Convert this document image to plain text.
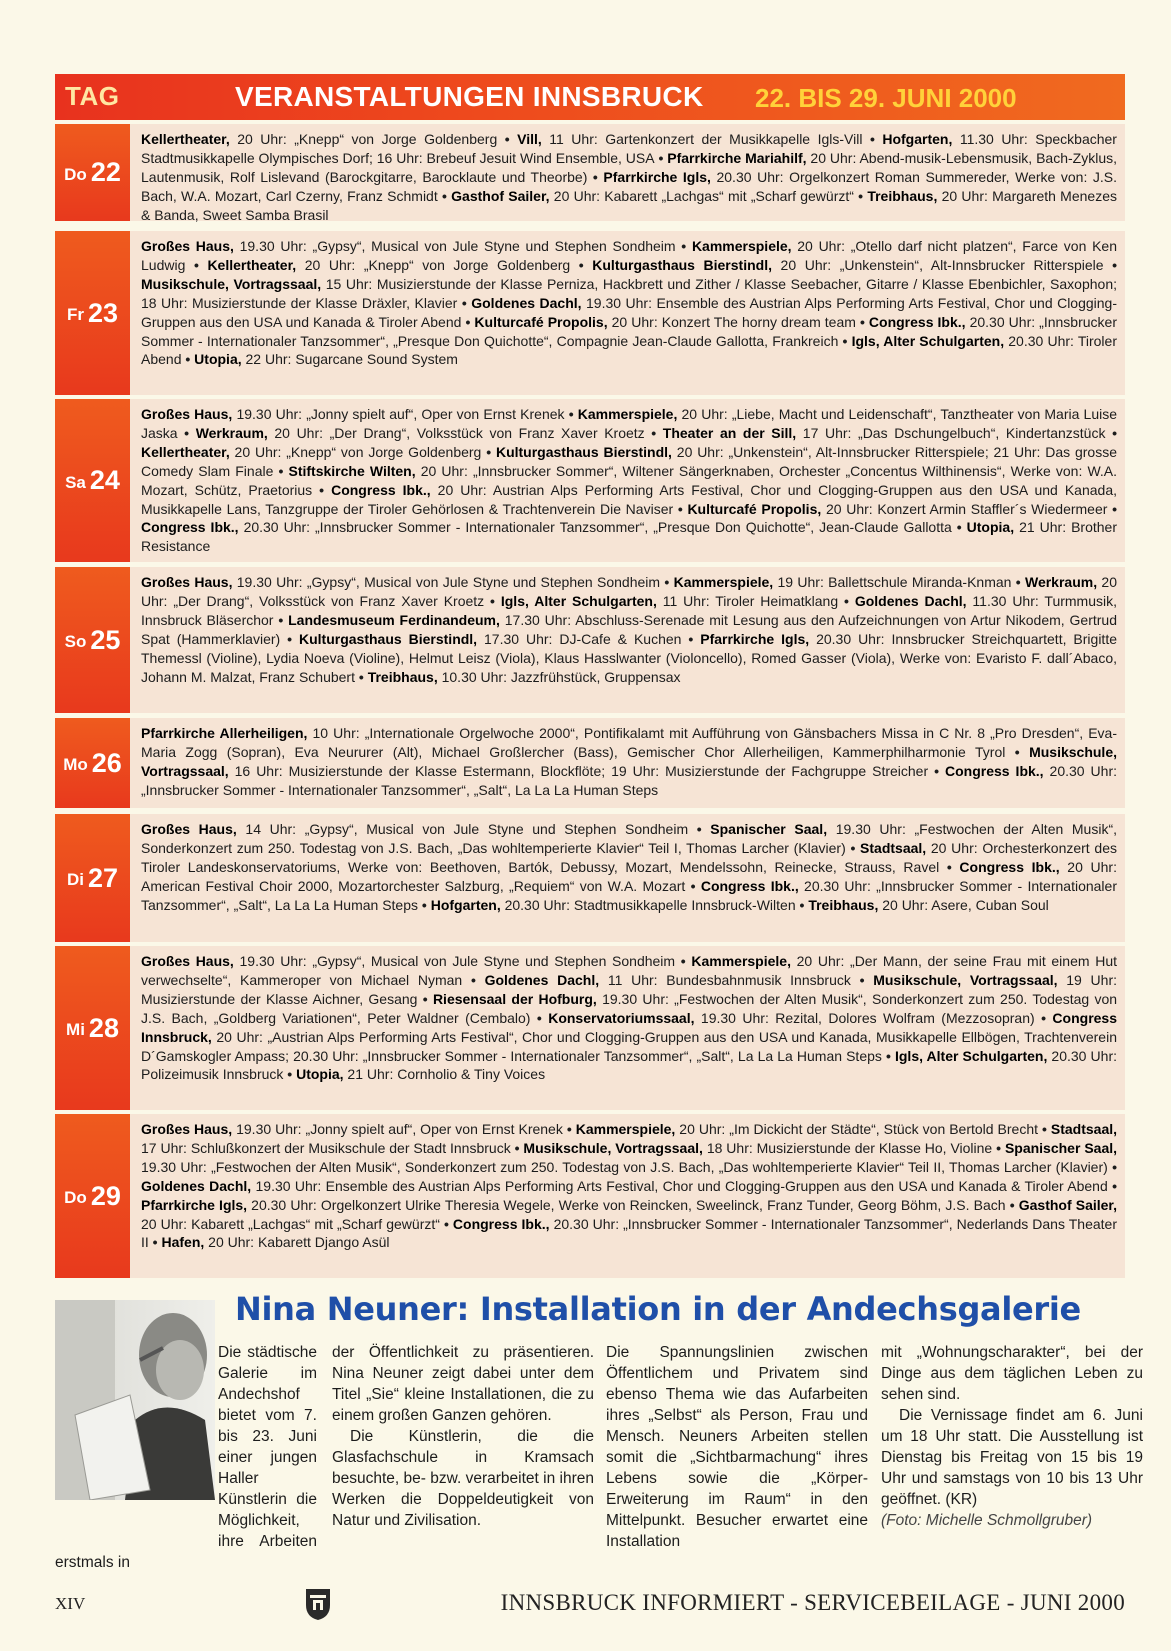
TAG	VERANSTALTUNGEN INNSBRUCK 22. BIS 29. JUNI 2000
Do 22
Kellertheater, 20 Uhr: „Knepp“ von Jorge Goldenberg • Vill, 11 Uhr: Gartenkonzert der Musikkapelle Igls-Vill • Hofgarten, 11.30 Uhr: Speckbacher Stadtmusikkapelle Olympisches Dorf; 16 Uhr: Brebeuf Jesuit Wind Ensemble, USA • Pfarrkirche Mariahilf, 20 Uhr: Abend-musik-Lebensmusik, Bach-Zyklus, Lautenmusik, Rolf Lislevand (Barockgitarre, Barocklaute und Theorbe) • Pfarrkirche Igls, 20.30 Uhr: Orgelkonzert Roman Summereder, Werke von: J.S. Bach, W.A. Mozart, Carl Czerny, Franz Schmidt • Gasthof Sailer, 20 Uhr: Kabarett „Lachgas“ mit „Scharf gewürzt“ • Treibhaus, 20 Uhr: Margareth Menezes & Banda, Sweet Samba Brasil
Fr 23
Großes Haus, 19.30 Uhr: „Gypsy“, Musical von Jule Styne und Stephen Sondheim • Kammerspiele, 20 Uhr: „Otello darf nicht platzen“, Farce von Ken Ludwig • Kellertheater, 20 Uhr: „Knepp“ von Jorge Goldenberg • Kulturgasthaus Bierstindl, 20 Uhr: „Unkenstein“, Alt-Innsbrucker Ritterspiele • Musikschule, Vortragssaal, 15 Uhr: Musizierstunde der Klasse Perniza, Hackbrett und Zither / Klasse Seebacher, Gitarre / Klasse Ebenbichler, Saxophon; 18 Uhr: Musizierstunde der Klasse Dräxler, Klavier • Goldenes Dachl, 19.30 Uhr: Ensemble des Austrian Alps Performing Arts Festival, Chor und Clogging-Gruppen aus den USA und Kanada & Tiroler Abend • Kulturcafé Propolis, 20 Uhr: Konzert The horny dream team • Congress Ibk., 20.30 Uhr: „Innsbrucker Sommer - Internationaler Tanzsommer“, „Presque Don Quichotte“, Compagnie Jean-Claude Gallotta, Frankreich • Igls, Alter Schulgarten, 20.30 Uhr: Tiroler Abend • Utopia, 22 Uhr: Sugarcane Sound System
Sa 24
Großes Haus, 19.30 Uhr: „Jonny spielt auf“, Oper von Ernst Krenek • Kammerspiele, 20 Uhr: „Liebe, Macht und Leidenschaft“, Tanztheater von Maria Luise Jaska • Werkraum, 20 Uhr: „Der Drang“, Volksstück von Franz Xaver Kroetz • Theater an der Sill, 17 Uhr: „Das Dschungelbuch“, Kindertanzstück • Kellertheater, 20 Uhr: „Knepp“ von Jorge Goldenberg • Kulturgasthaus Bierstindl, 20 Uhr: „Unkenstein“, Alt-Innsbrucker Ritterspiele; 21 Uhr: Das grosse Comedy Slam Finale • Stiftskirche Wilten, 20 Uhr: „Innsbrucker Sommer“, Wiltener Sängerknaben, Orchester „Concentus Wilthinensis“, Werke von: W.A. Mozart, Schütz, Praetorius • Congress Ibk., 20 Uhr: Austrian Alps Performing Arts Festival, Chor und Clogging-Gruppen aus den USA und Kanada, Musikkapelle Lans, Tanzgruppe der Tiroler Gehörlosen & Trachtenverein Die Naviser • Kulturcafé Propolis, 20 Uhr: Konzert Armin Staffler´s Wiedermeer • Congress Ibk., 20.30 Uhr: „Innsbrucker Sommer - Internationaler Tanzsommer“, „Presque Don Quichotte“, Jean-Claude Gallotta • Utopia, 21 Uhr: Brother Resistance
So 25
Großes Haus, 19.30 Uhr: „Gypsy“, Musical von Jule Styne und Stephen Sondheim • Kammerspiele, 19 Uhr: Ballettschule Miranda-Knman • Werkraum, 20 Uhr: „Der Drang“, Volksstück von Franz Xaver Kroetz • Igls, Alter Schulgarten, 11 Uhr: Tiroler Heimatklang • Goldenes Dachl, 11.30 Uhr: Turmmusik, Innsbruck Bläserchor • Landesmuseum Ferdinandeum, 17.30 Uhr: Abschluss-Serenade mit Lesung aus den Aufzeichnungen von Artur Nikodem, Gertrud Spat (Hammerklavier) • Kulturgasthaus Bierstindl, 17.30 Uhr: DJ-Cafe & Kuchen • Pfarrkirche Igls, 20.30 Uhr: Innsbrucker Streichquartett, Brigitte Themessl (Violine), Lydia Noeva (Violine), Helmut Leisz (Viola), Klaus Hasslwanter (Violoncello), Romed Gasser (Viola), Werke von: Evaristo F. dall´Abaco, Johann M. Malzat, Franz Schubert • Treibhaus, 10.30 Uhr: Jazzfrühstück, Gruppensax
Mo 26
Pfarrkirche Allerheiligen, 10 Uhr: „Internationale Orgelwoche 2000“, Pontifikalamt mit Aufführung von Gänsbachers Missa in C Nr. 8 „Pro Dresden“, Eva-Maria Zogg (Sopran), Eva Neururer (Alt), Michael Großlercher (Bass), Gemischer Chor Allerheiligen, Kammerphilharmonie Tyrol • Musikschule, Vortragssaal, 16 Uhr: Musizierstunde der Klasse Estermann, Blockflöte; 19 Uhr: Musizierstunde der Fachgruppe Streicher • Congress Ibk., 20.30 Uhr: „Innsbrucker Sommer - Internationaler Tanzsommer“, „Salt“, La La La Human Steps
Di 27
Großes Haus, 14 Uhr: „Gypsy“, Musical von Jule Styne und Stephen Sondheim • Spanischer Saal, 19.30 Uhr: „Festwochen der Alten Musik“, Sonderkonzert zum 250. Todestag von J.S. Bach, „Das wohltemperierte Klavier“ Teil I, Thomas Larcher (Klavier) • Stadtsaal, 20 Uhr: Orchesterkonzert des Tiroler Landeskonservatoriums, Werke von: Beethoven, Bartók, Debussy, Mozart, Mendelssohn, Reinecke, Strauss, Ravel • Congress Ibk., 20 Uhr: American Festival Choir 2000, Mozartorchester Salzburg, „Requiem“ von W.A. Mozart • Congress Ibk., 20.30 Uhr: „Innsbrucker Sommer - Internationaler Tanzsommer“, „Salt“, La La La Human Steps • Hofgarten, 20.30 Uhr: Stadtmusikkapelle Innsbruck-Wilten • Treibhaus, 20 Uhr: Asere, Cuban Soul
Mi 28
Großes Haus, 19.30 Uhr: „Gypsy“, Musical von Jule Styne und Stephen Sondheim • Kammerspiele, 20 Uhr: „Der Mann, der seine Frau mit einem Hut verwechselte“, Kammeroper von Michael Nyman • Goldenes Dachl, 11 Uhr: Bundesbahnmusik Innsbruck • Musikschule, Vortragssaal, 19 Uhr: Musizierstunde der Klasse Aichner, Gesang • Riesensaal der Hofburg, 19.30 Uhr: „Festwochen der Alten Musik“, Sonderkonzert zum 250. Todestag von J.S. Bach, „Goldberg Variationen“, Peter Waldner (Cembalo) • Konservatoriumssaal, 19.30 Uhr: Rezital, Dolores Wolfram (Mezzosopran) • Congress Innsbruck, 20 Uhr: „Austrian Alps Performing Arts Festival“, Chor und Clogging-Gruppen aus den USA und Kanada, Musikkapelle Ellbögen, Trachtenverein D´Gamskogler Ampass; 20.30 Uhr: „Innsbrucker Sommer - Internationaler Tanzsommer“, „Salt“, La La La Human Steps • Igls, Alter Schulgarten, 20.30 Uhr: Polizeimusik Innsbruck • Utopia, 21 Uhr: Cornholio & Tiny Voices
Do 29
Großes Haus, 19.30 Uhr: „Jonny spielt auf“, Oper von Ernst Krenek • Kammerspiele, 20 Uhr: „Im Dickicht der Städte“, Stück von Bertold Brecht • Stadtsaal, 17 Uhr: Schlußkonzert der Musikschule der Stadt Innsbruck • Musikschule, Vortragssaal, 18 Uhr: Musizierstunde der Klasse Ho, Violine • Spanischer Saal, 19.30 Uhr: „Festwochen der Alten Musik“, Sonderkonzert zum 250. Todestag von J.S. Bach, „Das wohltemperierte Klavier“ Teil II, Thomas Larcher (Klavier) • Goldenes Dachl, 19.30 Uhr: Ensemble des Austrian Alps Performing Arts Festival, Chor und Clogging-Gruppen aus den USA und Kanada & Tiroler Abend • Pfarrkirche Igls, 20.30 Uhr: Orgelkonzert Ulrike Theresia Wegele, Werke von Reincken, Sweelinck, Franz Tunder, Georg Böhm, J.S. Bach • Gasthof Sailer, 20 Uhr: Kabarett „Lachgas“ mit „Scharf gewürzt“ • Congress Ibk., 20.30 Uhr: „Innsbrucker Sommer - Internationaler Tanzsommer“, Nederlands Dans Theater II • Hafen, 20 Uhr: Kabarett Django Asül
Nina Neuner: Installation in der Andechsgalerie

Die städtische Galerie im Andechshof bietet vom 7. bis 23. Juni einer jungen Haller Künstlerin die Möglichkeit, ihre Arbeiten erstmals in

der Öffentlichkeit zu präsentieren. Nina Neuner zeigt dabei unter dem Titel „Sie“ kleine Installationen, die zu einem großen Ganzen gehören.

Die Künstlerin, die die Glasfachschule in Kramsach besuchte, be- bzw. verarbeitet in ihren Werken die Doppeldeutigkeit von Natur und Zivilisation.

Die Spannungslinien zwischen Öffentlichem und Privatem sind ebenso Thema wie das Aufarbeiten ihres „Selbst“ als Person, Frau und Mensch. Neuners Arbeiten stellen somit die „Sichtbarmachung“ ihres Lebens sowie die „Körper-Erweiterung im Raum“ in den Mittelpunkt. Besucher erwartet eine Installation

mit „Wohnungscharakter“, bei der Dinge aus dem täglichen Leben zu sehen sind.

Die Vernissage findet am 6. Juni um 18 Uhr statt. Die Ausstellung ist Dienstag bis Freitag von 15 bis 19 Uhr und samstags von 10 bis 13 Uhr geöffnet. (KR)

(Foto: Michelle Schmollgruber)

XIV	INNSBRUCK INFORMIERT - SERVICEBEILAGE - JUNI 2000
